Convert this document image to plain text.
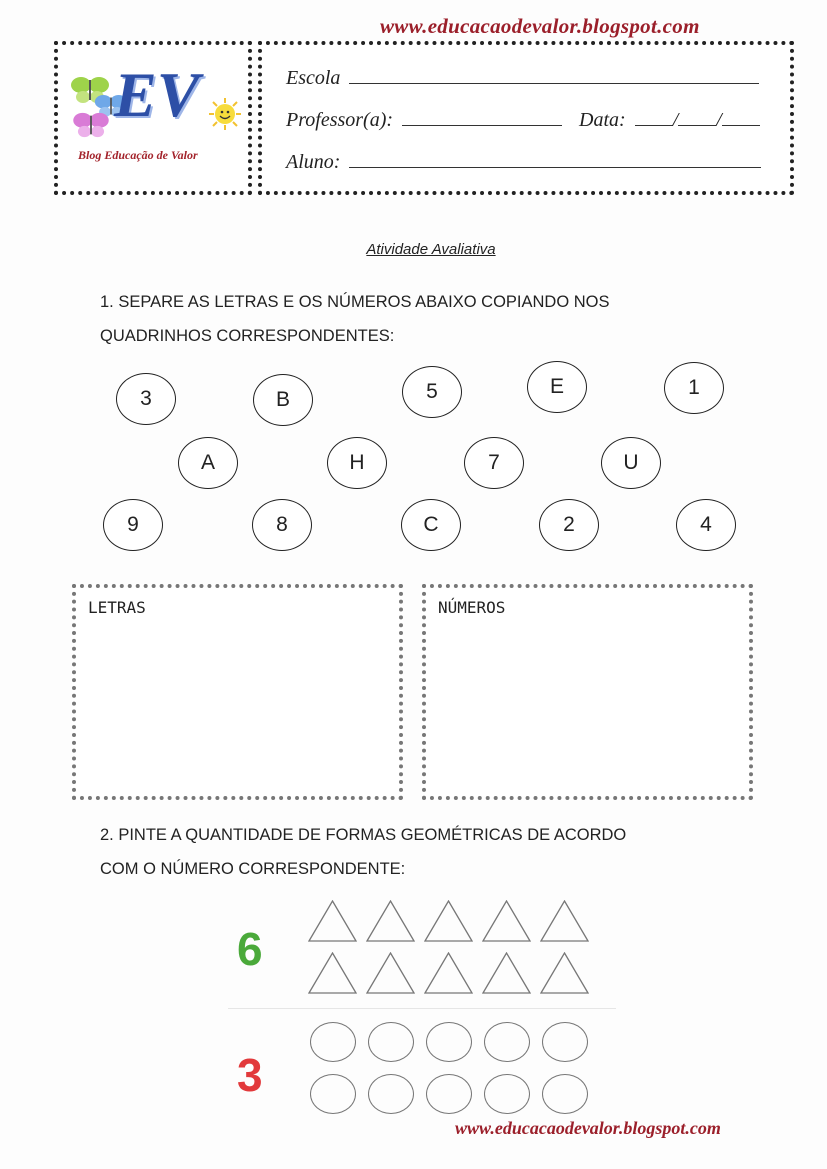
www.educacaodevalor.blogspot.com
EV
Blog Educação de Valor
Escola
Professor(a):	Data: / /
Aluno:
Atividade Avaliativa
1. SEPARE AS LETRAS E OS NÚMEROS ABAIXO COPIANDO NOS
QUADRINHOS CORRESPONDENTES:
3	B	5	E	1
A	H	7	U
9	8	C	2	4
LETRAS	NÚMEROS
2. PINTE A QUANTIDADE DE FORMAS GEOMÉTRICAS DE ACORDO
COM O NÚMERO CORRESPONDENTE:
6
3
www.educacaodevalor.blogspot.com
